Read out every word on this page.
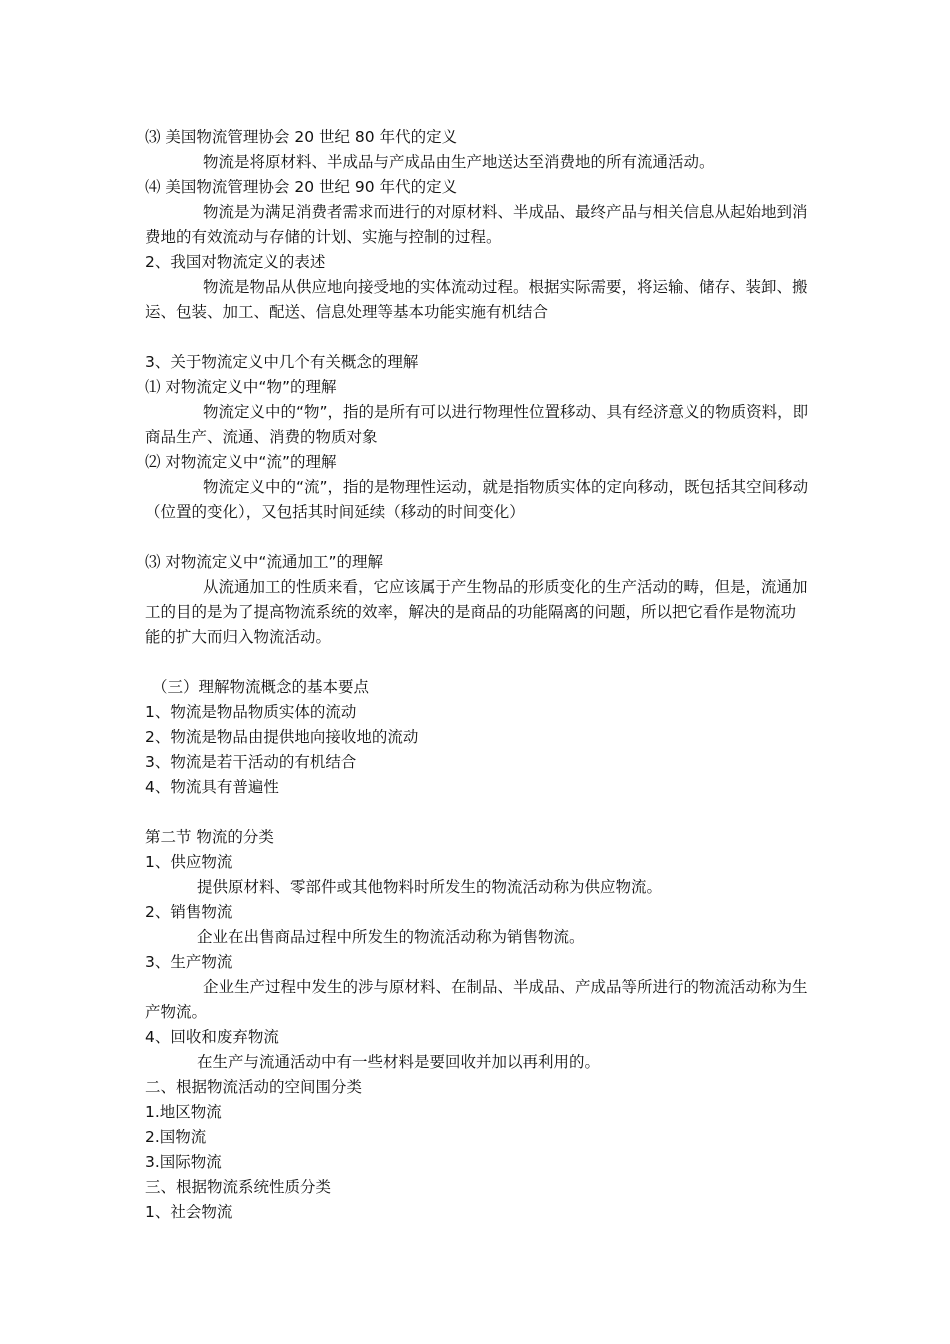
⑶ 美国物流管理协会 20 世纪 80 年代的定义

物流是将原材料、半成品与产成品由生产地送达至消费地的所有流通活动。

⑷ 美国物流管理协会 20 世纪 90 年代的定义

物流是为满足消费者需求而进行的对原材料、半成品、最终产品与相关信息从起始地到消费地的有效流动与存储的计划、实施与控制的过程。

2、我国对物流定义的表述

物流是物品从供应地向接受地的实体流动过程。根据实际需要，将运输、储存、装卸、搬运、包装、加工、配送、信息处理等基本功能实施有机结合

3、关于物流定义中几个有关概念的理解

⑴ 对物流定义中“物”的理解

物流定义中的“物”，指的是所有可以进行物理性位置移动、具有经济意义的物质资料，即商品生产、流通、消费的物质对象

⑵ 对物流定义中“流”的理解

物流定义中的“流”，指的是物理性运动，就是指物质实体的定向移动，既包括其空间移动（位置的变化），又包括其时间延续（移动的时间变化）

⑶ 对物流定义中“流通加工”的理解

从流通加工的性质来看，它应该属于产生物品的形质变化的生产活动的畴，但是，流通加工的目的是为了提高物流系统的效率，解决的是商品的功能隔离的问题，所以把它看作是物流功能的扩大而归入物流活动。

（三）理解物流概念的基本要点

1、物流是物品物质实体的流动

2、物流是物品由提供地向接收地的流动

3、物流是若干活动的有机结合

4、物流具有普遍性

第二节 物流的分类

1、供应物流

提供原材料、零部件或其他物料时所发生的物流活动称为供应物流。

2、销售物流

企业在出售商品过程中所发生的物流活动称为销售物流。

3、生产物流

企业生产过程中发生的涉与原材料、在制品、半成品、产成品等所进行的物流活动称为生产物流。

4、回收和废弃物流

在生产与流通活动中有一些材料是要回收并加以再利用的。

二、根据物流活动的空间围分类

1.地区物流

2.国物流

3.国际物流

三、根据物流系统性质分类

1、社会物流
